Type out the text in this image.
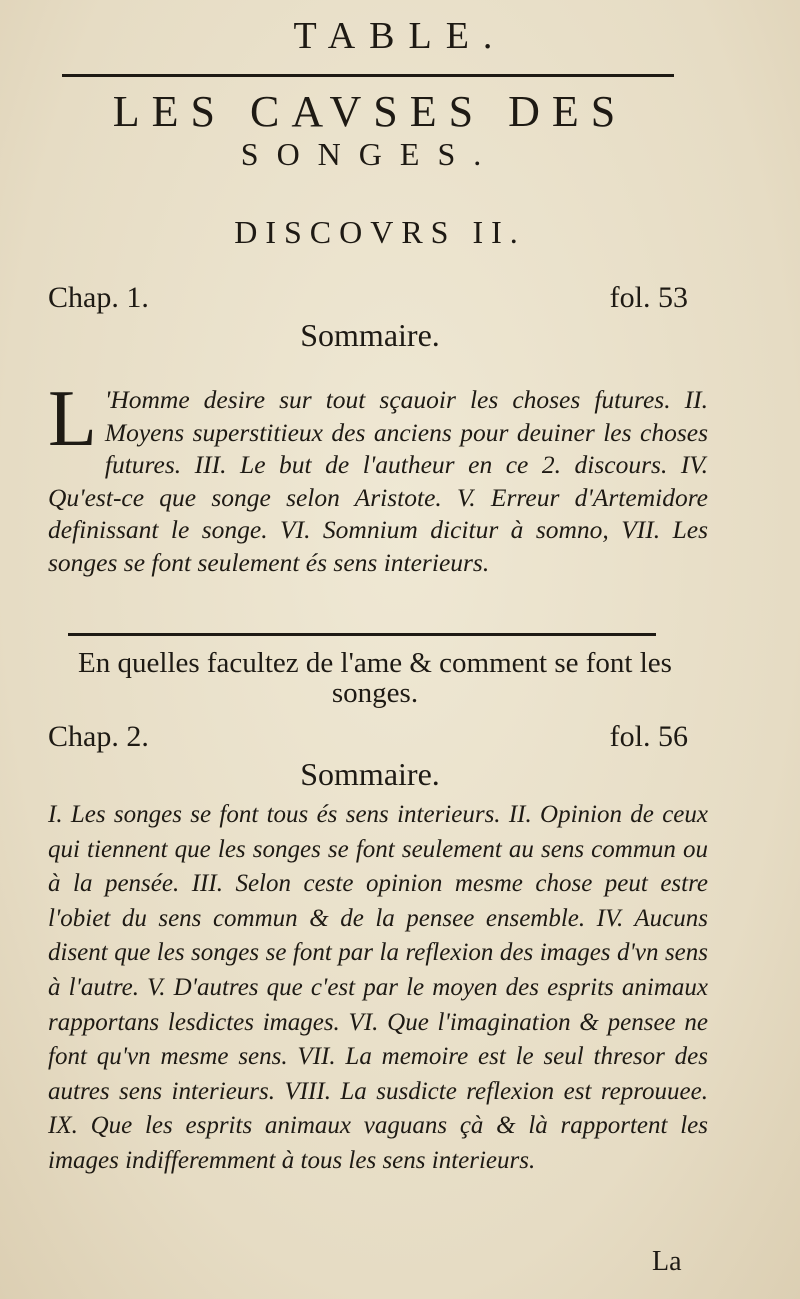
TABLE.
LES CAVSES DES
SONGES.
DISCOVRS II.
Chap. 1.	fol. 53
Sommaire.
L 'Homme desire sur tout sçauoir les choses futures. II. Moyens superstitieux des anciens pour deuiner les choses futures. III. Le but de l'autheur en ce 2. discours. IV. Qu'est-ce que songe selon Aristote. V. Erreur d'Artemidore definissant le songe. VI. Somnium dicitur à somno, VII. Les songes se font seulement és sens interieurs.
En quelles facultez de l'ame & comment se font les songes.
Chap. 2.	fol. 56
Sommaire.
I. Les songes se font tous és sens interieurs. II. Opinion de ceux qui tiennent que les songes se font seulement au sens commun ou à la pensée. III. Selon ceste opinion mesme chose peut estre l'obiet du sens commun & de la pensee ensemble. IV. Aucuns disent que les songes se font par la reflexion des images d'vn sens à l'autre. V. D'autres que c'est par le moyen des esprits animaux rapportans lesdictes images. VI. Que l'imagination & pensee ne font qu'vn mesme sens. VII. La memoire est le seul thresor des autres sens interieurs. VIII. La susdicte reflexion est reprouuee. IX. Que les esprits animaux vaguans çà & là rapportent les images indifferemment à tous les sens interieurs.
La
